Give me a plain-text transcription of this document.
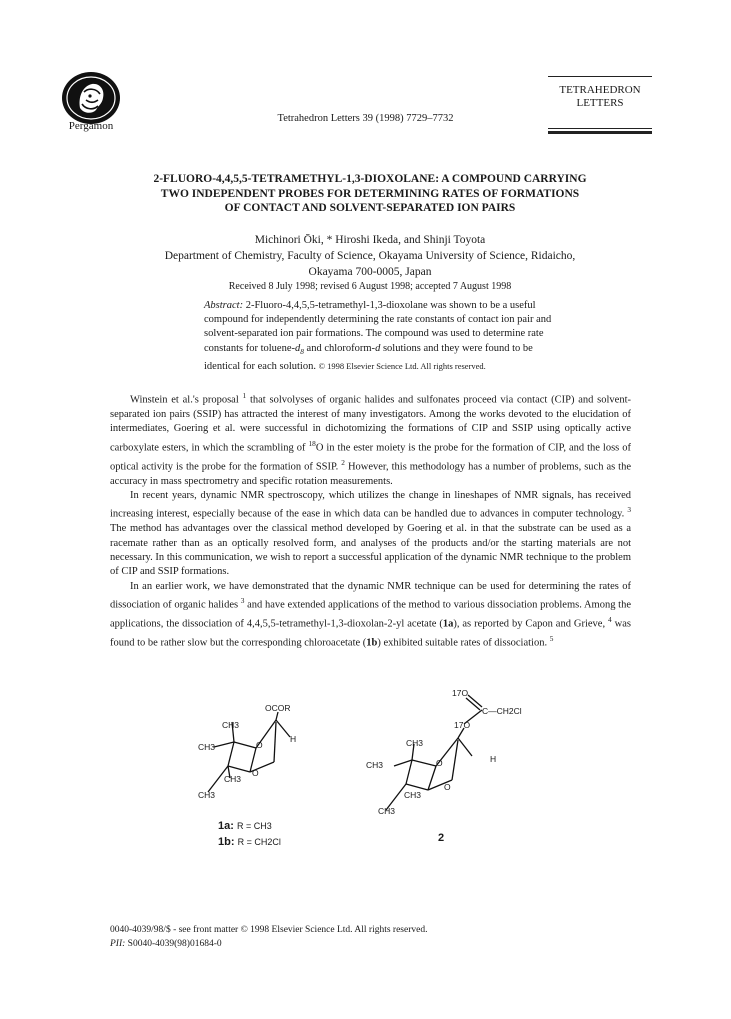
Pergamon
Tetrahedron Letters 39 (1998) 7729–7732
TETRAHEDRON
LETTERS
2-FLUORO-4,4,5,5-TETRAMETHYL-1,3-DIOXOLANE: A COMPOUND CARRYING
TWO INDEPENDENT PROBES FOR DETERMINING RATES OF FORMATIONS
OF CONTACT AND SOLVENT-SEPARATED ION PAIRS
Michinori Ōki, * Hiroshi Ikeda, and Shinji Toyota
Department of Chemistry, Faculty of Science, Okayama University of Science, Ridaicho,
Okayama 700-0005, Japan
Received 8 July 1998; revised 6 August 1998; accepted 7 August 1998
Abstract: 2-Fluoro-4,4,5,5-tetramethyl-1,3-dioxolane was shown to be a useful
compound for independently determining the rate constants of contact ion pair and
solvent-separated ion pair formations. The compound was used to determine rate
constants for toluene-$d_8$ and chloroform-d solutions and they were found to be
identical for each solution. © 1998 Elsevier Science Ltd. All rights reserved.

Winstein et al.'s proposal $^1$ that solvolyses of organic halides and sulfonates proceed via contact (CIP) and solvent-separated ion pairs (SSIP) has attracted the interest of many investigators. Among the works devoted to the elucidation of intermediates, Goering et al. were successful in dichotomizing the formations of CIP and SSIP using optically active carboxylate esters, in which the scrambling of $^{18}$O in the ester moiety is the probe for the formation of CIP, and the loss of optical activity is the probe for the formation of SSIP. $^2$ However, this methodology has a number of problems, such as the accuracy in mass spectrometry and specific rotation measurements.

In recent years, dynamic NMR spectroscopy, which utilizes the change in lineshapes of NMR signals, has received increasing interest, especially because of the ease in which data can be handled due to advances in computer technology. $^3$ The method has advantages over the classical method developed by Goering et al. in that the substrate can be used as a racemate rather than as an optically resolved form, and analyses of the products and/or the starting materials are not necessary. In this communication, we wish to report a successful application of the dynamic NMR technique to the problem of CIP and SSIP formations.

In an earlier work, we have demonstrated that the dynamic NMR technique can be used for determining the rates of dissociation of organic halides $^3$ and have extended applications of the method to various dissociation problems. Among the applications, the dissociation of 4,4,5,5-tetramethyl-1,3-dioxolan-2-yl acetate (1a), as reported by Capon and Grieve, $^4$ was found to be rather slow but the corresponding chloroacetate (1b) exhibited suitable rates of dissociation. $^5$

OCOR
H
O
O
CH3
CH3
CH3
CH3
1a: R = CH3
1b: R = CH2Cl
17O
C—CH2Cl
17O
H
O
O
CH3
CH3
CH3
CH3
2
0040-4039/98/$ - see front matter © 1998 Elsevier Science Ltd. All rights reserved.
PII: S0040-4039(98)01684-0
